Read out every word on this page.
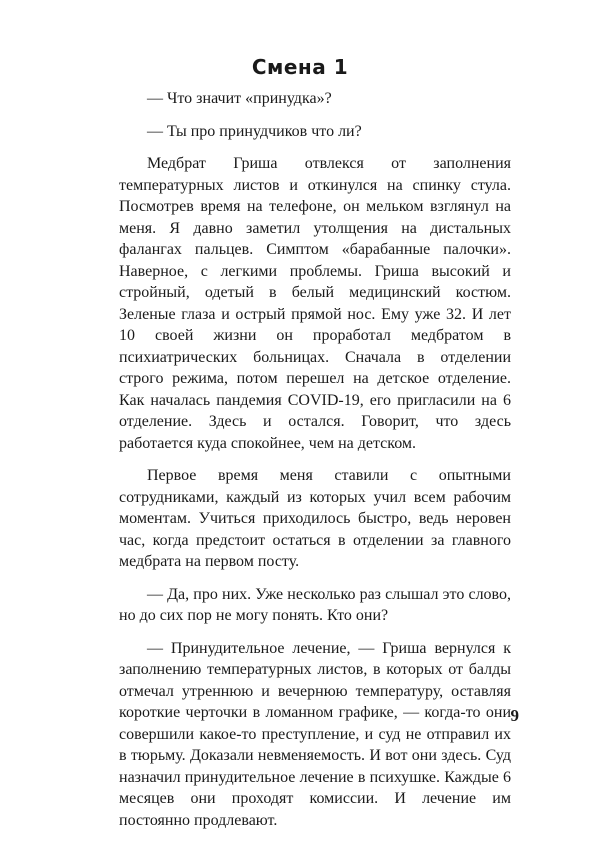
Смена 1

— Что значит «принудка»?

— Ты про принудчиков что ли?

Медбрат Гриша отвлекся от заполнения температурных листов и откинулся на спинку стула. Посмотрев время на телефоне, он мельком взглянул на меня. Я давно заметил утолщения на дистальных фалангах пальцев. Симптом «барабанные палочки». Наверное, с легкими проблемы. Гриша высокий и стройный, одетый в белый медицинский костюм. Зеленые глаза и острый прямой нос. Ему уже 32. И лет 10 своей жизни он проработал медбратом в психиатрических больницах. Сначала в отделении строго режима, потом перешел на детское отделение. Как началась пандемия COVID-19, его пригласили на 6 отделение. Здесь и остался. Говорит, что здесь работается куда спокойнее, чем на детском.

Первое время меня ставили с опытными сотрудниками, каждый из которых учил всем рабочим моментам. Учиться приходилось быстро, ведь неровен час, когда предстоит остаться в отделении за главного медбрата на первом посту.

— Да, про них. Уже несколько раз слышал это слово, но до сих пор не могу понять. Кто они?

— Принудительное лечение, — Гриша вернулся к заполнению температурных листов, в которых от балды отмечал утреннюю и вечернюю температуру, оставляя короткие черточки в ломанном графике, — когда-то они совершили какое-то преступление, и суд не отправил их в тюрьму. Доказали невменяемость. И вот они здесь. Суд назначил принудительное лечение в психушке. Каждые 6 месяцев они проходят комиссии. И лечение им постоянно продлевают.

9
